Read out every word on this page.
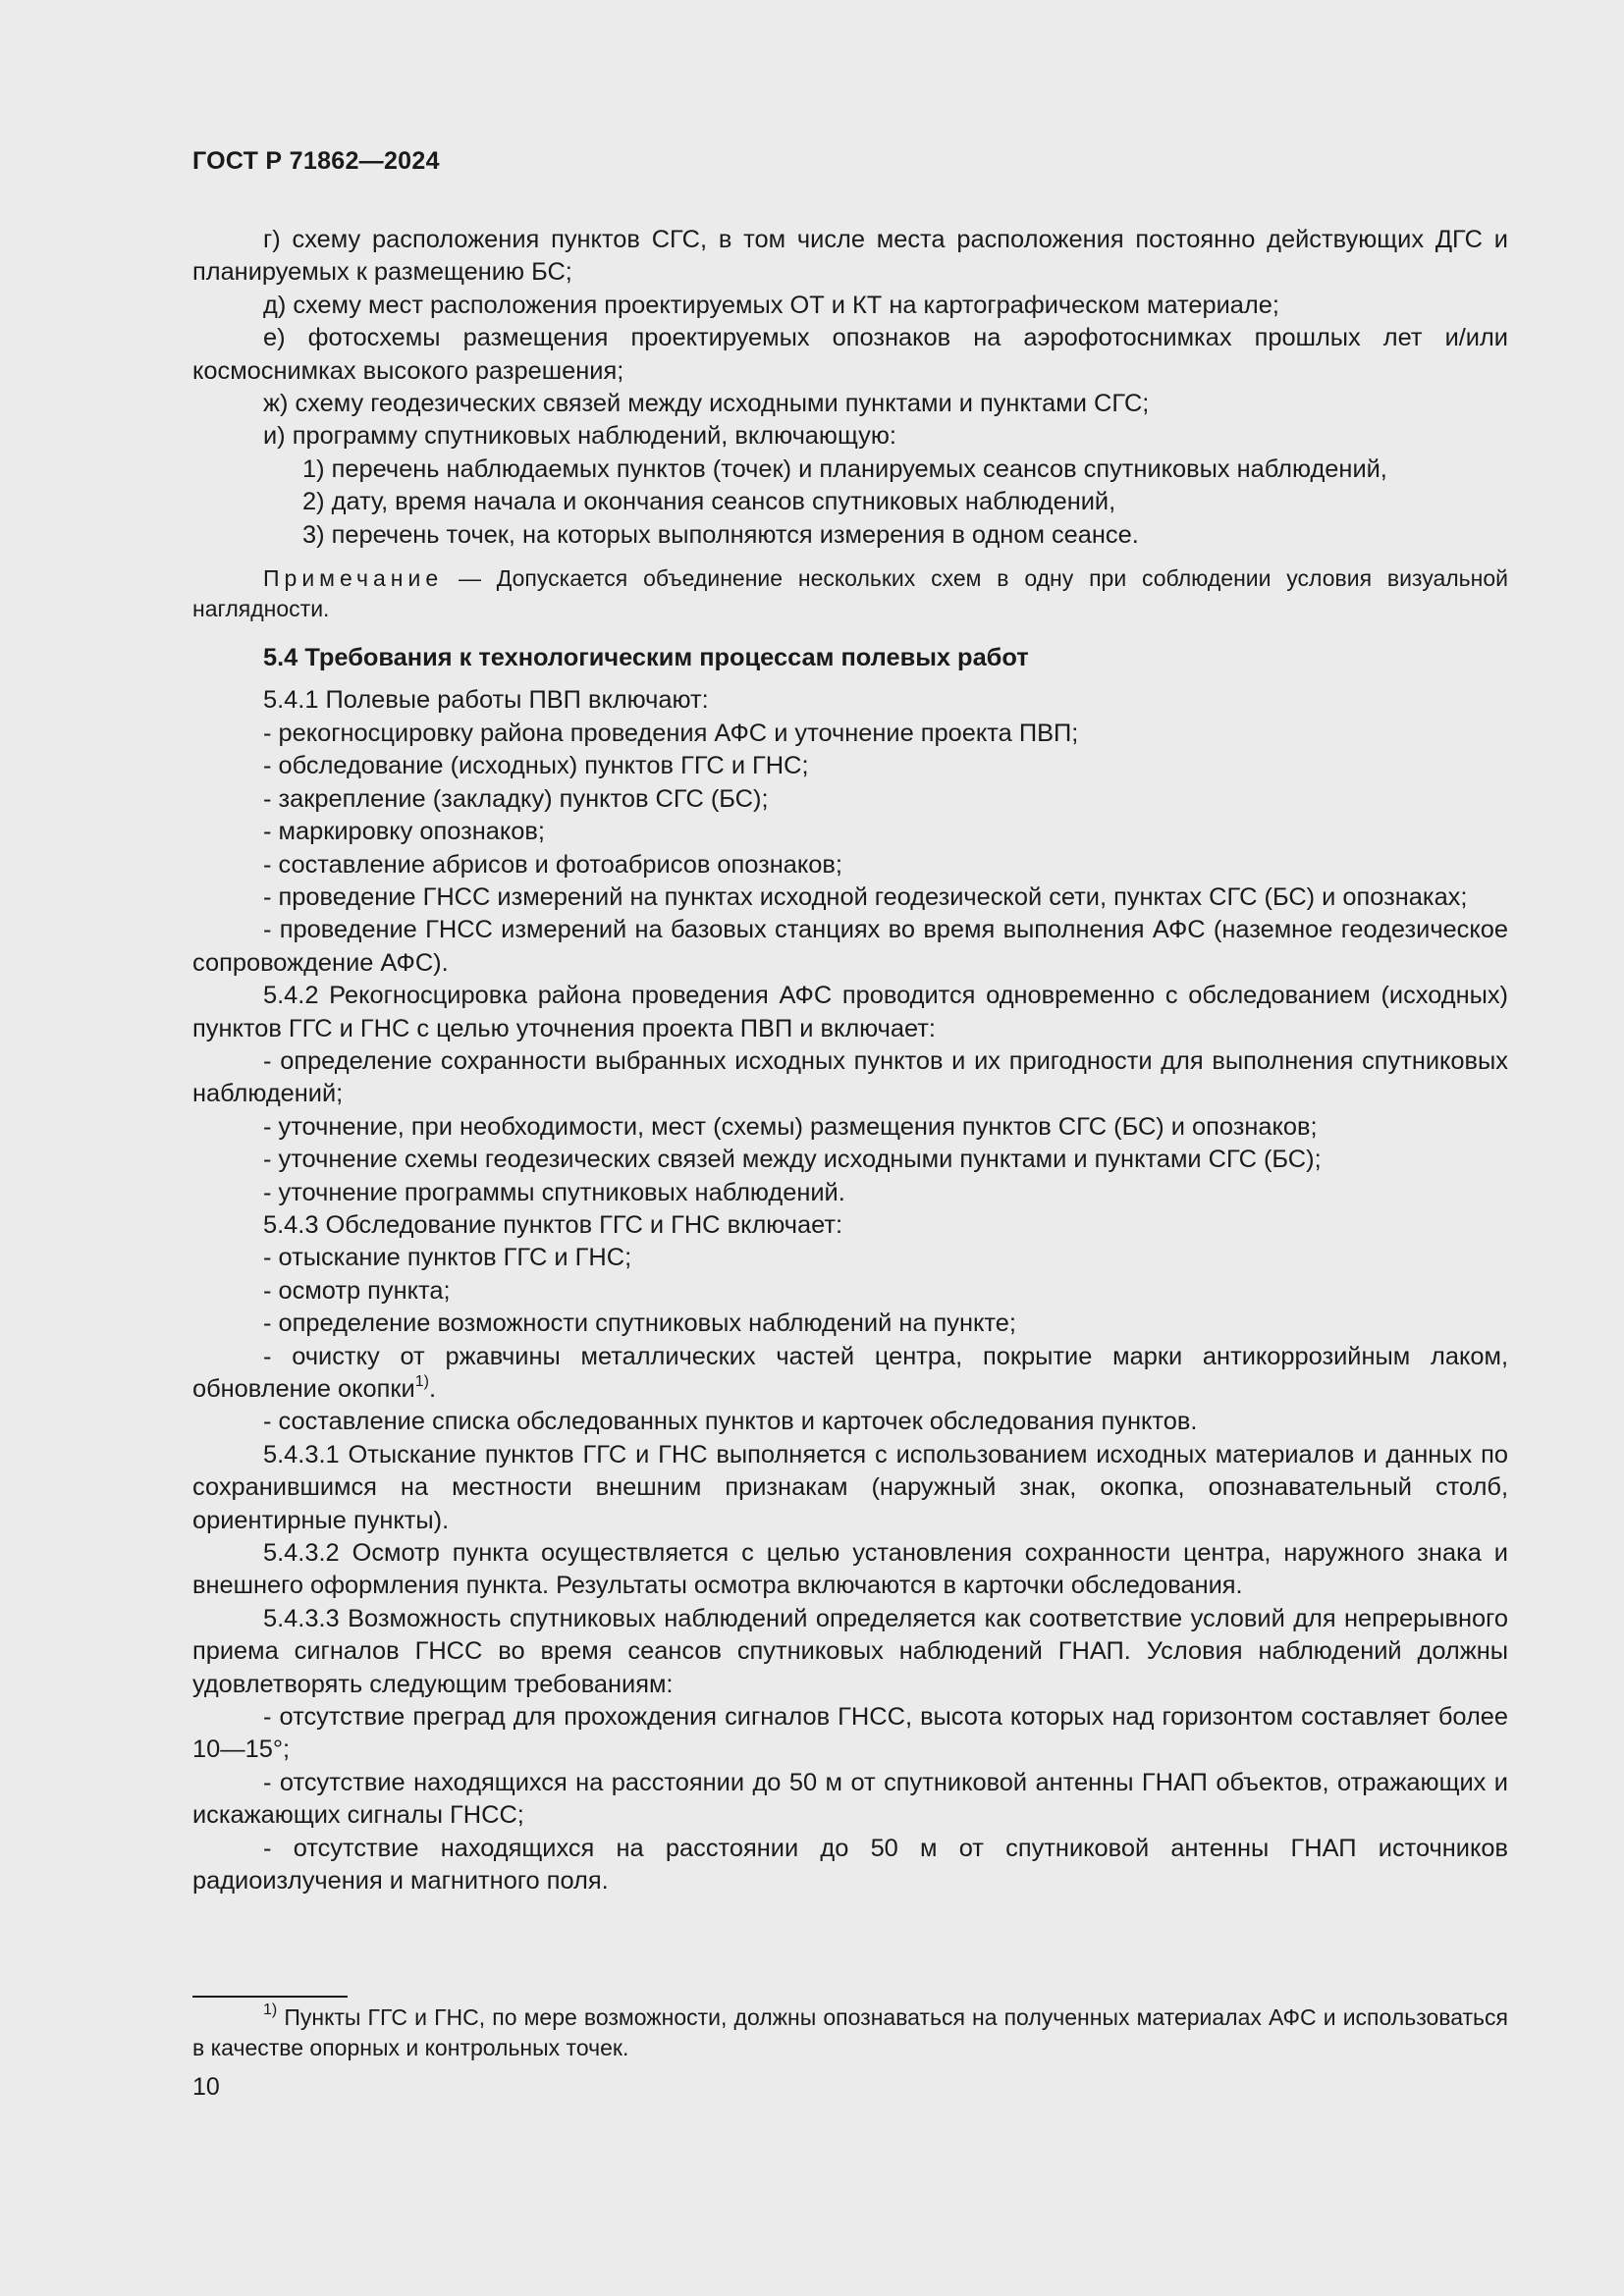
ГОСТ Р 71862—2024

г) схему расположения пунктов СГС, в том числе места расположения постоянно действующих ДГС и планируемых к размещению БС;

д) схему мест расположения проектируемых ОТ и КТ на картографическом материале;

е) фотосхемы размещения проектируемых опознаков на аэрофотоснимках прошлых лет и/или космоснимках высокого разрешения;

ж) схему геодезических связей между исходными пунктами и пунктами СГС;

и) программу спутниковых наблюдений, включающую:

1) перечень наблюдаемых пунктов (точек) и планируемых сеансов спутниковых наблюдений,

2) дату, время начала и окончания сеансов спутниковых наблюдений,

3) перечень точек, на которых выполняются измерения в одном сеансе.

Примечание — Допускается объединение нескольких схем в одну при соблюдении условия визуальной наглядности.

5.4 Требования к технологическим процессам полевых работ

5.4.1 Полевые работы ПВП включают:

- рекогносцировку района проведения АФС и уточнение проекта ПВП;

- обследование (исходных) пунктов ГГС и ГНС;

- закрепление (закладку) пунктов СГС (БС);

- маркировку опознаков;

- составление абрисов и фотоабрисов опознаков;

- проведение ГНСС измерений на пунктах исходной геодезической сети, пунктах СГС (БС) и опознаках;

- проведение ГНСС измерений на базовых станциях во время выполнения АФС (наземное геодезическое сопровождение АФС).

5.4.2 Рекогносцировка района проведения АФС проводится одновременно с обследованием (исходных) пунктов ГГС и ГНС с целью уточнения проекта ПВП и включает:

- определение сохранности выбранных исходных пунктов и их пригодности для выполнения спутниковых наблюдений;

- уточнение, при необходимости, мест (схемы) размещения пунктов СГС (БС) и опознаков;

- уточнение схемы геодезических связей между исходными пунктами и пунктами СГС (БС);

- уточнение программы спутниковых наблюдений.

5.4.3 Обследование пунктов ГГС и ГНС включает:

- отыскание пунктов ГГС и ГНС;

- осмотр пункта;

- определение возможности спутниковых наблюдений на пункте;

- очистку от ржавчины металлических частей центра, покрытие марки антикоррозийным лаком, обновление окопки$^{1)}$.

- составление списка обследованных пунктов и карточек обследования пунктов.

5.4.3.1 Отыскание пунктов ГГС и ГНС выполняется с использованием исходных материалов и данных по сохранившимся на местности внешним признакам (наружный знак, окопка, опознавательный столб, ориентирные пункты).

5.4.3.2 Осмотр пункта осуществляется с целью установления сохранности центра, наружного знака и внешнего оформления пункта. Результаты осмотра включаются в карточки обследования.

5.4.3.3 Возможность спутниковых наблюдений определяется как соответствие условий для непрерывного приема сигналов ГНСС во время сеансов спутниковых наблюдений ГНАП. Условия наблюдений должны удовлетворять следующим требованиям:

- отсутствие преград для прохождения сигналов ГНСС, высота которых над горизонтом составляет более 10—15°;

- отсутствие находящихся на расстоянии до 50 м от спутниковой антенны ГНАП объектов, отражающих и искажающих сигналы ГНСС;

- отсутствие находящихся на расстоянии до 50 м от спутниковой антенны ГНАП источников радиоизлучения и магнитного поля.

$^{1)}$ Пункты ГГС и ГНС, по мере возможности, должны опознаваться на полученных материалах АФС и использоваться в качестве опорных и контрольных точек.

10
